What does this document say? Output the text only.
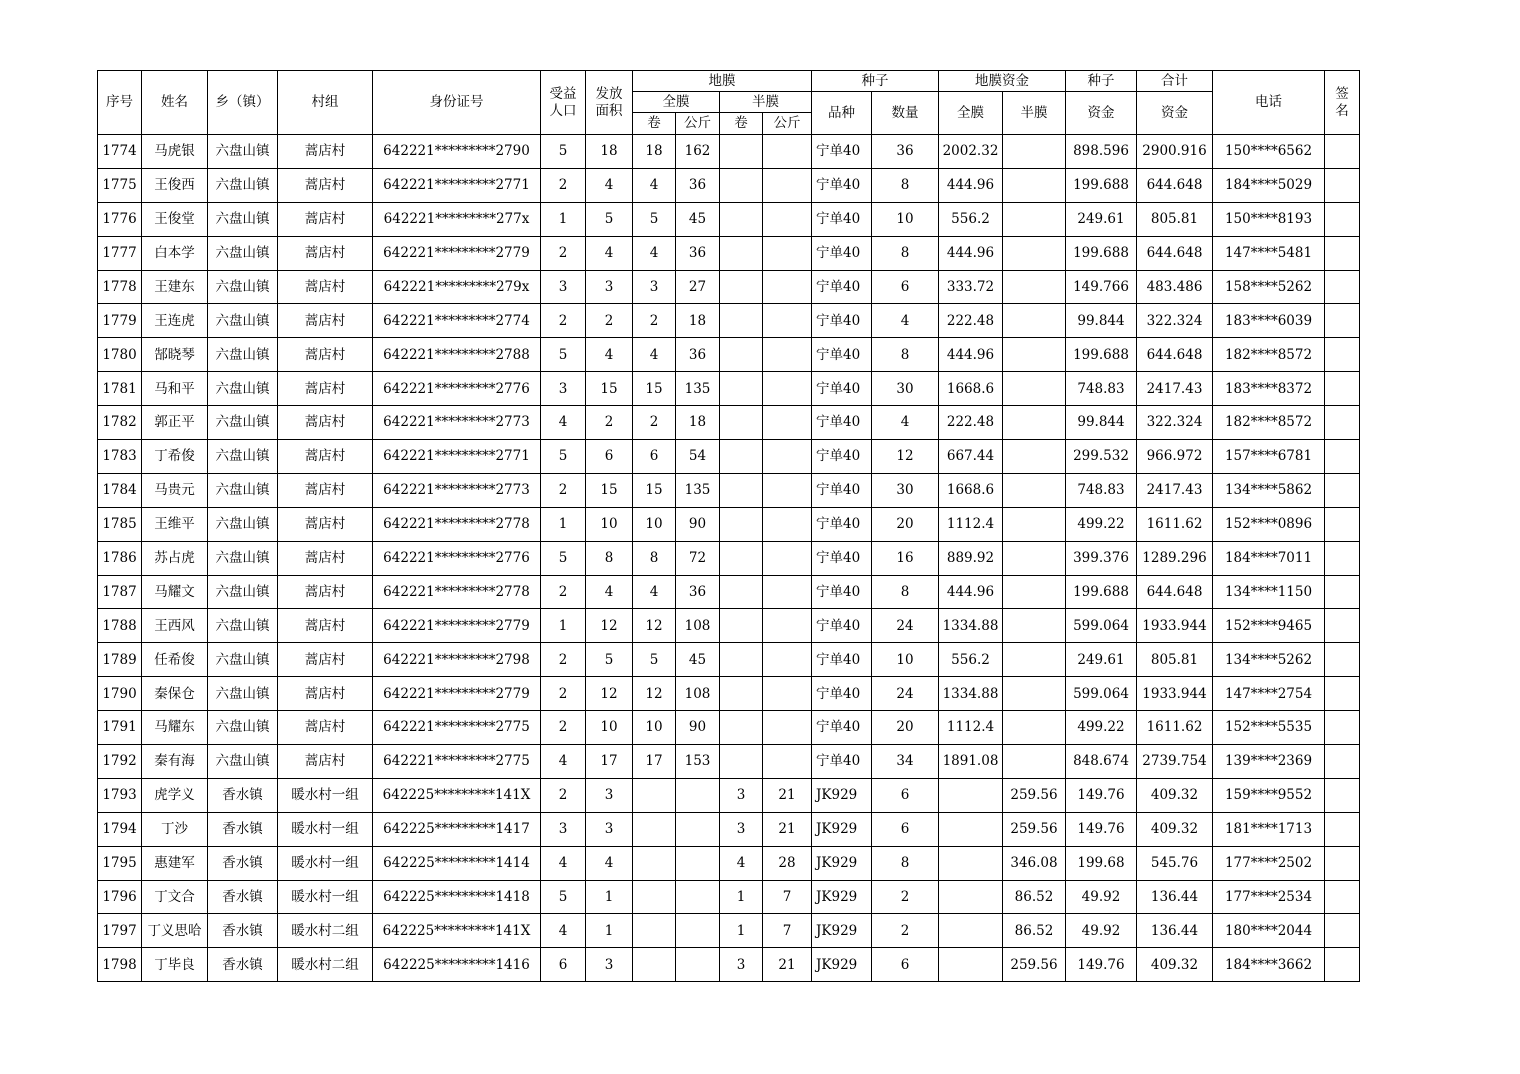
序号	姓名	乡（镇）	村组	身份证号	受益人口	发放面积	地膜				种子		地膜资金		种子	合计	电话	签名
							全膜		半膜		品种	数量	全膜	半膜	资金	资金		
							卷	公斤	卷	公斤								
1774	马虎银	六盘山镇	蒿店村	642221*********2790	5	18	18	162			宁单40	36	2002.32		898.596	2900.916	150****6562	
1775	王俊西	六盘山镇	蒿店村	642221*********2771	2	4	4	36			宁单40	8	444.96		199.688	644.648	184****5029	
1776	王俊堂	六盘山镇	蒿店村	642221*********277x	1	5	5	45			宁单40	10	556.2		249.61	805.81	150****8193	
1777	白本学	六盘山镇	蒿店村	642221*********2779	2	4	4	36			宁单40	8	444.96		199.688	644.648	147****5481	
1778	王建东	六盘山镇	蒿店村	642221*********279x	3	3	3	27			宁单40	6	333.72		149.766	483.486	158****5262	
1779	王连虎	六盘山镇	蒿店村	642221*********2774	2	2	2	18			宁单40	4	222.48		99.844	322.324	183****6039	
1780	郜晓琴	六盘山镇	蒿店村	642221*********2788	5	4	4	36			宁单40	8	444.96		199.688	644.648	182****8572	
1781	马和平	六盘山镇	蒿店村	642221*********2776	3	15	15	135			宁单40	30	1668.6		748.83	2417.43	183****8372	
1782	郭正平	六盘山镇	蒿店村	642221*********2773	4	2	2	18			宁单40	4	222.48		99.844	322.324	182****8572	
1783	丁希俊	六盘山镇	蒿店村	642221*********2771	5	6	6	54			宁单40	12	667.44		299.532	966.972	157****6781	
1784	马贵元	六盘山镇	蒿店村	642221*********2773	2	15	15	135			宁单40	30	1668.6		748.83	2417.43	134****5862	
1785	王维平	六盘山镇	蒿店村	642221*********2778	1	10	10	90			宁单40	20	1112.4		499.22	1611.62	152****0896	
1786	苏占虎	六盘山镇	蒿店村	642221*********2776	5	8	8	72			宁单40	16	889.92		399.376	1289.296	184****7011	
1787	马耀文	六盘山镇	蒿店村	642221*********2778	2	4	4	36			宁单40	8	444.96		199.688	644.648	134****1150	
1788	王西风	六盘山镇	蒿店村	642221*********2779	1	12	12	108			宁单40	24	1334.88		599.064	1933.944	152****9465	
1789	任希俊	六盘山镇	蒿店村	642221*********2798	2	5	5	45			宁单40	10	556.2		249.61	805.81	134****5262	
1790	秦保仓	六盘山镇	蒿店村	642221*********2779	2	12	12	108			宁单40	24	1334.88		599.064	1933.944	147****2754	
1791	马耀东	六盘山镇	蒿店村	642221*********2775	2	10	10	90			宁单40	20	1112.4		499.22	1611.62	152****5535	
1792	秦有海	六盘山镇	蒿店村	642221*********2775	4	17	17	153			宁单40	34	1891.08		848.674	2739.754	139****2369	
1793	虎学义	香水镇	暖水村一组	642225*********141X	2	3			3	21	JK929	6		259.56	149.76	409.32	159****9552	
1794	丁沙	香水镇	暖水村一组	642225*********1417	3	3			3	21	JK929	6		259.56	149.76	409.32	181****1713	
1795	惠建军	香水镇	暖水村一组	642225*********1414	4	4			4	28	JK929	8		346.08	199.68	545.76	177****2502	
1796	丁文合	香水镇	暖水村一组	642225*********1418	5	1			1	7	JK929	2		86.52	49.92	136.44	177****2534	
1797	丁义思哈	香水镇	暖水村二组	642225*********141X	4	1			1	7	JK929	2		86.52	49.92	136.44	180****2044	
1798	丁毕良	香水镇	暖水村二组	642225*********1416	6	3			3	21	JK929	6		259.56	149.76	409.32	184****3662	
